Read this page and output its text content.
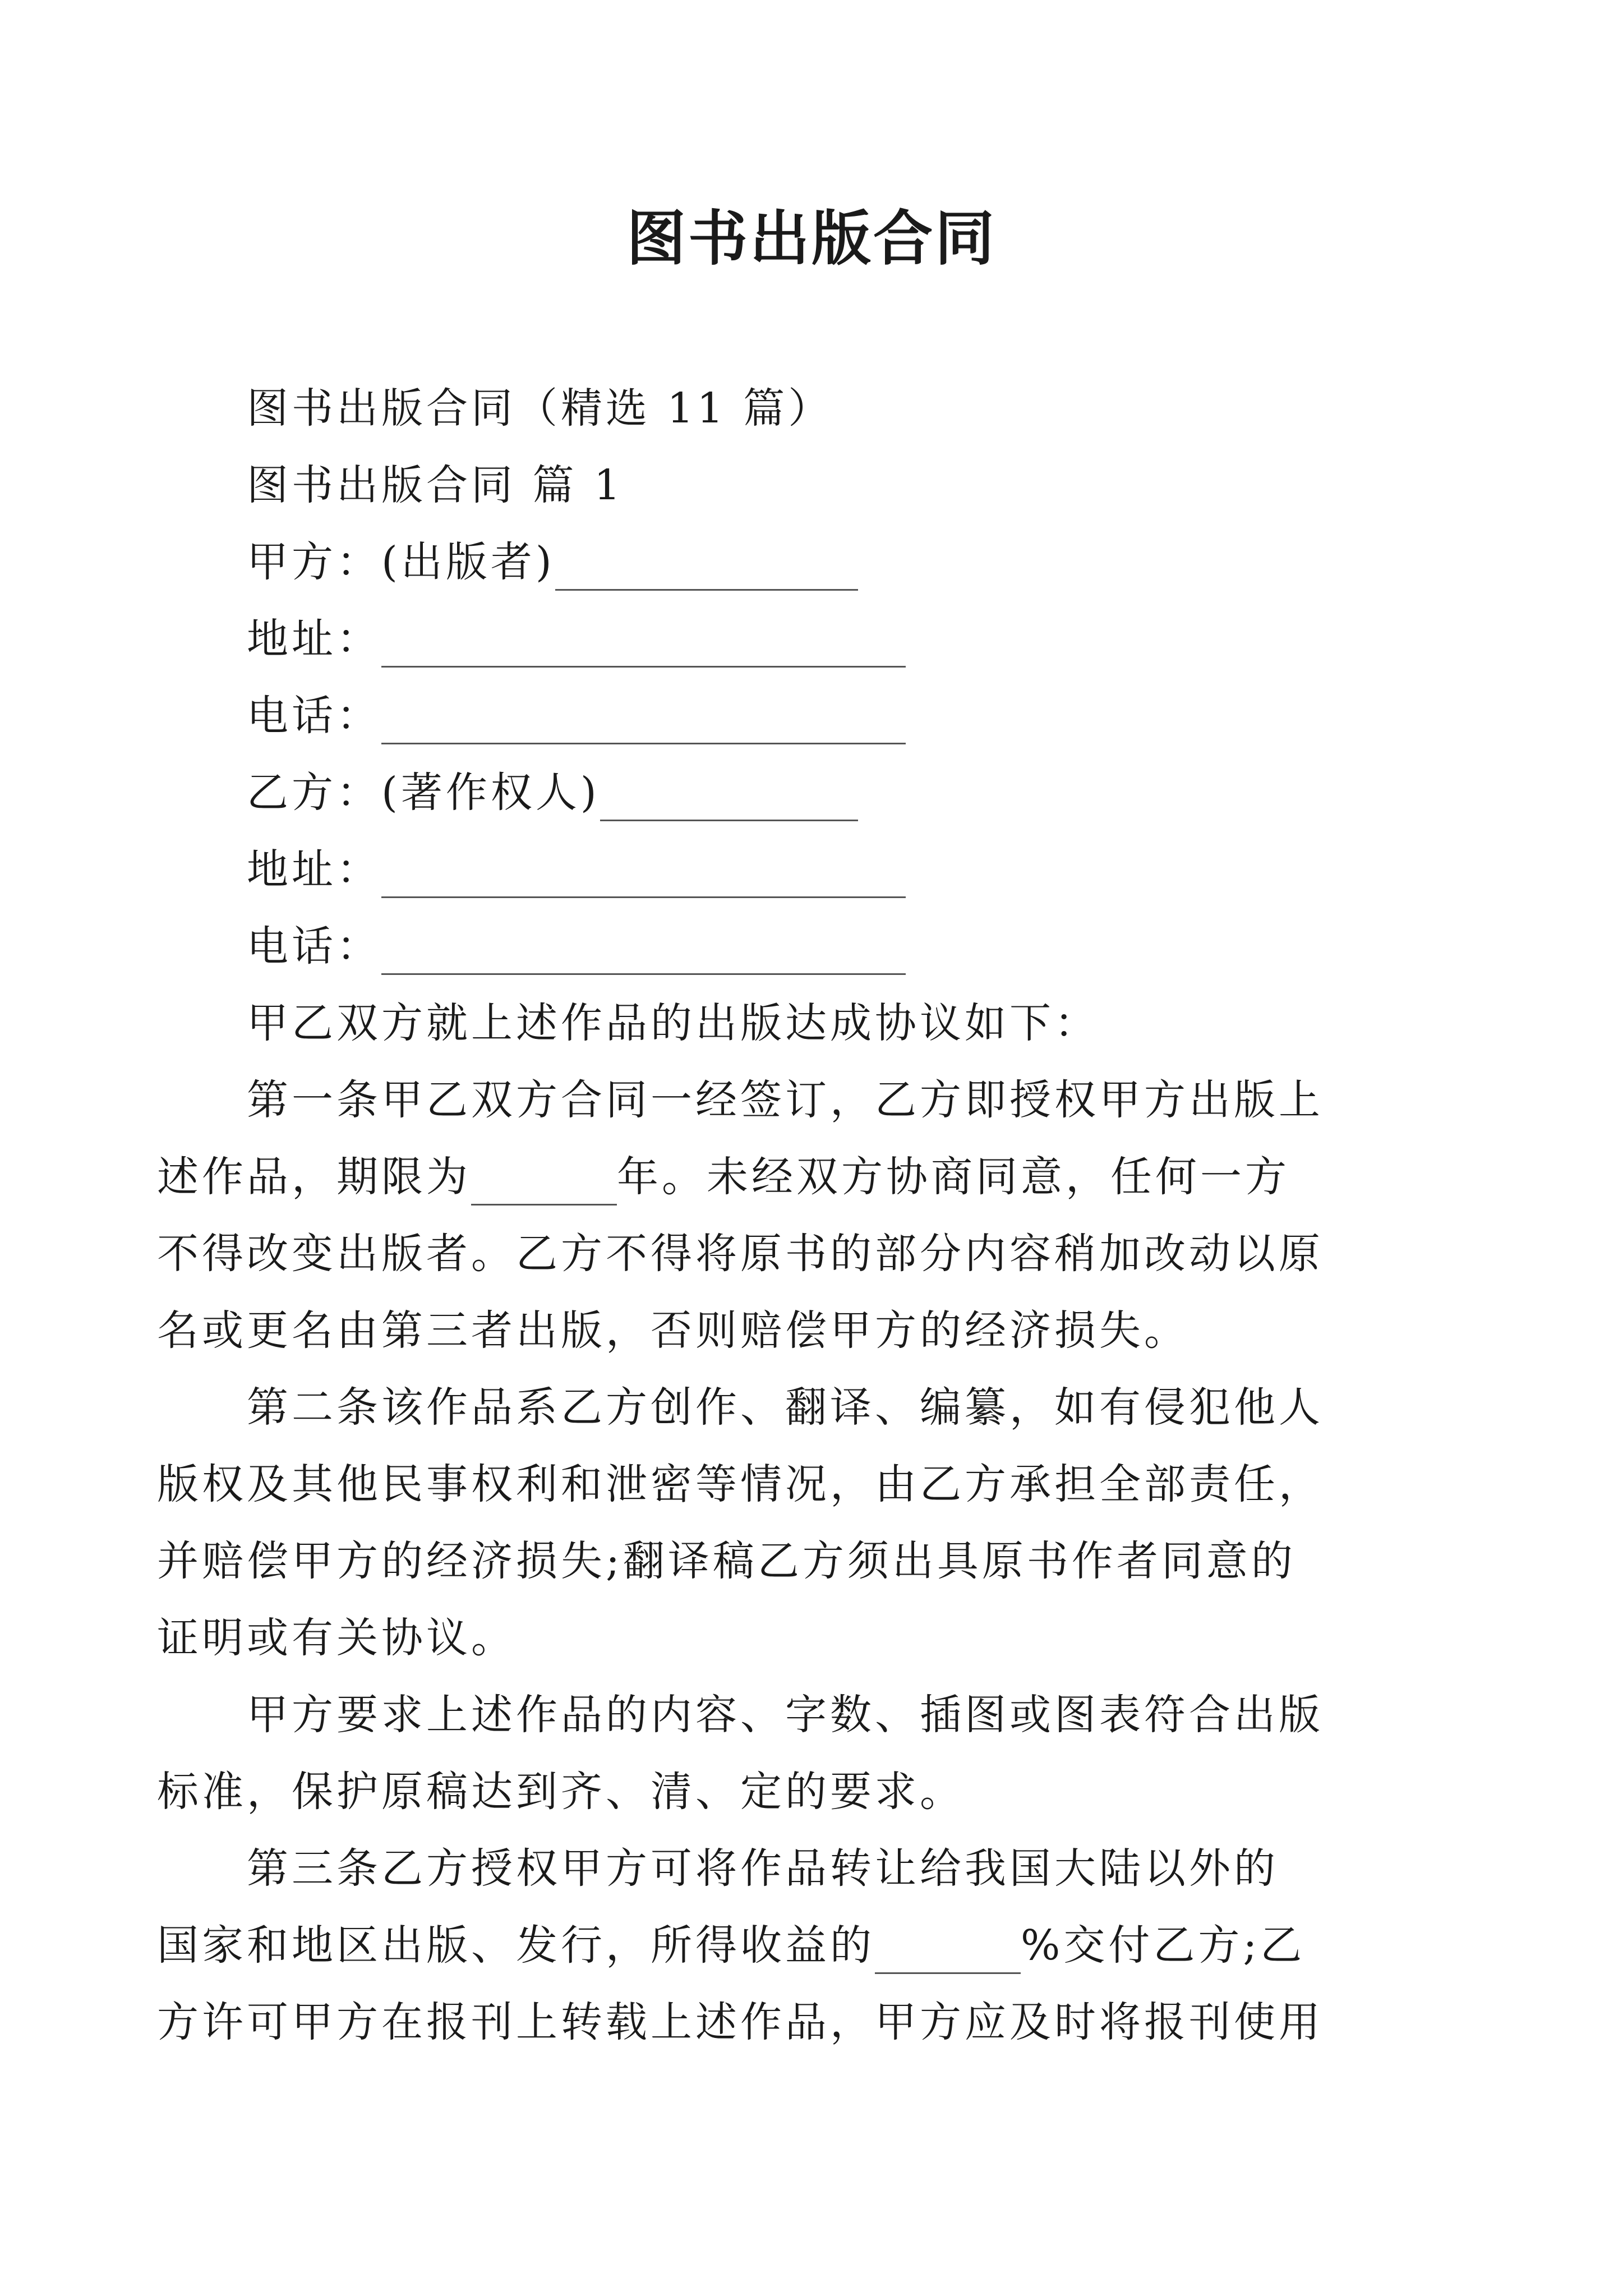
图书出版合同
图书出版合同（精选 11 篇）
图书出版合同 篇 1
甲方：(出版者)
地址：
电话：
乙方：(著作权人)
地址：
电话：
甲乙双方就上述作品的出版达成协议如下：
第一条甲乙双方合同一经签订，乙方即授权甲方出版上
述作品，期限为	年。未经双方协商同意，任何一方
不得改变出版者。乙方不得将原书的部分内容稍加改动以原
名或更名由第三者出版，否则赔偿甲方的经济损失。
第二条该作品系乙方创作、翻译、编纂，如有侵犯他人
版权及其他民事权利和泄密等情况，由乙方承担全部责任，
并赔偿甲方的经济损失;翻译稿乙方须出具原书作者同意的
证明或有关协议。
甲方要求上述作品的内容、字数、插图或图表符合出版
标准，保护原稿达到齐、清、定的要求。
第三条乙方授权甲方可将作品转让给我国大陆以外的
国家和地区出版、发行，所得收益的	%交付乙方;乙
方许可甲方在报刊上转载上述作品，甲方应及时将报刊使用
